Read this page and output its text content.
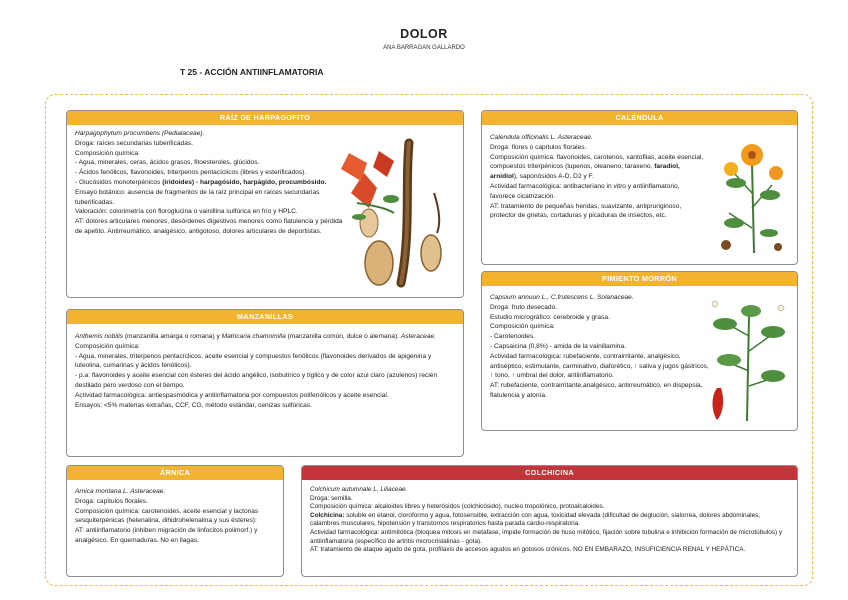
DOLOR
ANA BARRAGAN GALLARDO
T 25 - ACCIÓN ANTIINFLAMATORIA
RAÍZ DE HARPAGOFITO

Harpagophytum procumbens (Pedialaceae).

Droga: raíces secundarias tuberificadas.

Composición química:

- Agua, minerales, ceras, ácidos grasos, fitoesteroles, glúcidos.

- Ácidos fenólicos, flavonoides, triterpenos pentacíclicos (libres y esterificados).

- Glucósidos monoterpénicos (iridoides) - harpagósido, harpágido, procumbósido.

Ensayo botánico: ausencia de fragmentos de la raíz principal en raíces secundarias tuberificadas.

Valoración: colorimetría con floroglucina o vainillina sulfúrica en frío y HPLC.

AT: dolores articulares menores, desórdenes digestivos menores como flatulencia y pérdida de apetito. Antirreumático, analgésico, antigotoso, dolores articulares de deportistas.

CALÉNDULA

Calendula officinalis L. Asteraceae.

Droga: flores o capítulos florales.

Composición química: flavonoides, carotenos, xantofilas, aceite esencial, compuestos triterpénicos (lupenos, oleaneno, taraxeno, faradiol, arnidiol), saponósidos A-D, D2 y F.

Actividad farmacológica: antibacteriano in vitro y antiinflamatorio, favorece cicatrización.

AT: tratamiento de pequeñas heridas, suavizante, antipruriginoso, protector de grietas, cortaduras y picaduras de insectos, etc.

PIMIENTO MORRÓN

Capsium annuun L., C.frutescens L. Solanaceae.

Droga: fruto desecado.

Estudio micrográfico: cerebroide y grasa.

Composición química:

- Carotenoides.

- Capsaicina (0,8%) - amida de la vainillamina.

Actividad farmacológica: rubefaciente, contrairritante, analgésico, antiséptico, estimulante, carminativo, diaforético, ↑ saliva y jugos gástricos, ↑ tono, ↑ umbral del dolor, antiinflamatorio.

AT: rubefaciente, contrairritante,analgésico, antirreumático, en dispepsia, flatulencia y atonía.

MANZANILLAS

Anthemis nobilis (manzanilla amarga o romana) y Matricaria chamomilla (manzanilla común, dulce o alemana). Asteraceae.

Composición química:

- Agua, minerales, triterpenos pentacíclicos, aceite esencial y compuestos fenólicos (flavonoides derivados de apigenina y luteolina, cumarinas y ácidos fenólicos).

- p.a: flavonoides y aceite esencial con ésteres del ácido angélico, isobutírico y tíglico y de color azul claro (azulenos) recién destilado pero verdoso con el tiempo.

Actividad farmacológica: antiespasmódica y antiinflamatoria por compuestos polifenólicos y aceite esencial.

Ensayos: <5% materias extrañas, CCF, CG, método estándar, cenizas sulfúricas.

ÁRNICA

Arnica montana L. Asteraceae.

Droga: capítulos florales.

Composición química: carotenoides, aceite esencial y lactonas sesquiterpénicas (helenalina, dihidrohelenalina y sus ésteres):

AT: antiinflamatorio (inhiben migración de linfocitos polimorf.) y analgésico. En quemaduras. No en llagas.

COLCHICINA

Colchicum autumnale L. Liliaceae.

Droga: semilla.

Composición química: alcaloides libres y heterósidos (colchicósido), nucleo tropolónico, protoalcaloides.

Colchicina: soluble en etanol, cloroformo y agua, fotosensible, extracción con agua, toxicidad elevada (dificultad de deglución, sialorrea, dolores abdominales, calambres musculares, hipotensión y transtornos respiratorios hasta parada cardio-respiratoria.

Actividad farmacológica: antimitótica (bloquea mitosis en metafase, impide formación de huso mitótico, fijación sobre tubulina e inhibición formación de microtúbulos) y antiinflamatoria (específico de artritis microcristalinas - gota).

AT: tratamiento de ataque agudo de gota, profilaxis de accesos agudos en gotosos crónicos. NO EN EMBARAZO, INSUFICIENCIA RENAL Y HEPÁTICA.
